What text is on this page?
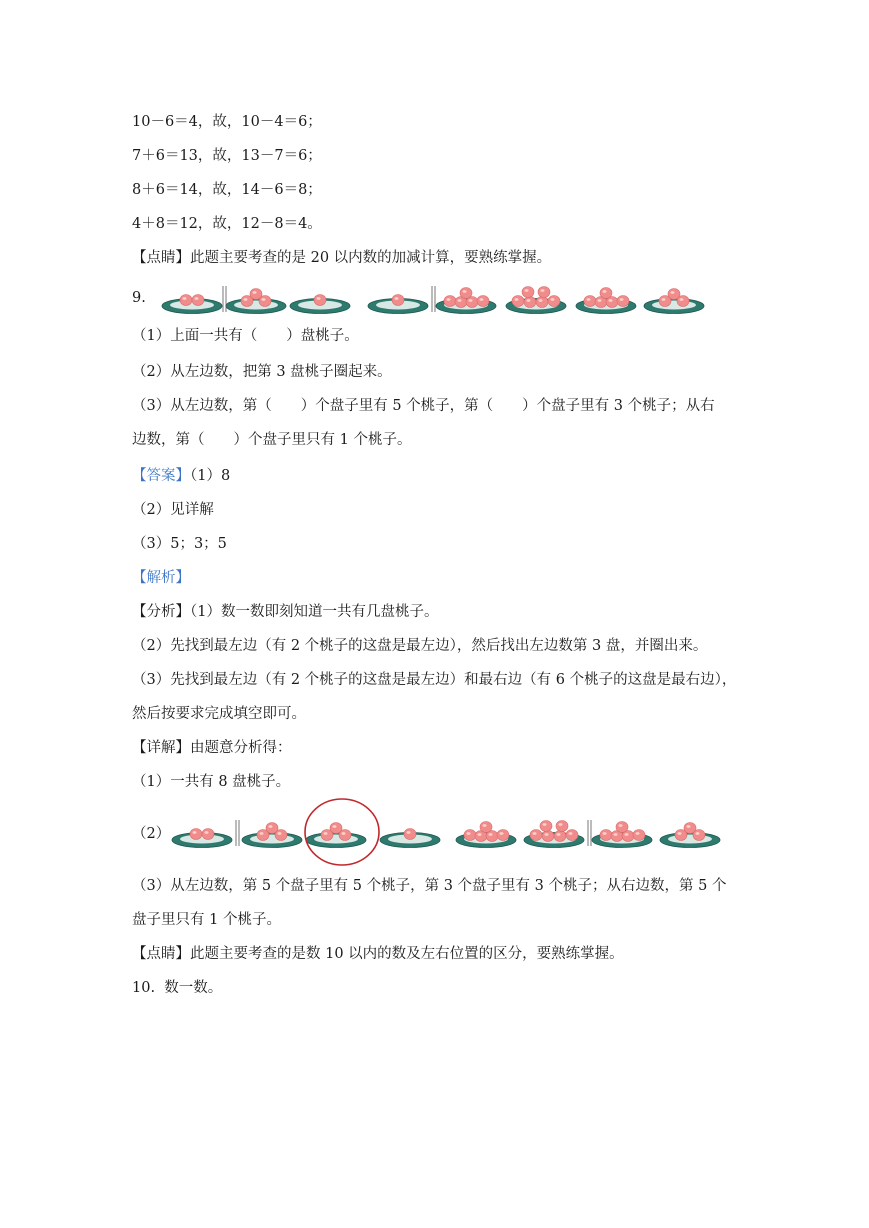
10－6＝4，故，10－4＝6；
7＋6＝13，故，13－7＝6；
8＋6＝14，故，14－6＝8；
4＋8＝12，故，12－8＝4。
【点睛】此题主要考查的是 20 以内数的加减计算，要熟练掌握。
9.
（1）上面一共有（　　）盘桃子。
（2）从左边数，把第 3 盘桃子圈起来。
（3）从左边数，第（　　）个盘子里有 5 个桃子，第（　　）个盘子里有 3 个桃子；从右
边数，第（　　）个盘子里只有 1 个桃子。
【答案】（1）8
（2）见详解
（3）5；3；5
【解析】
【分析】（1）数一数即刻知道一共有几盘桃子。
（2）先找到最左边（有 2 个桃子的这盘是最左边），然后找出左边数第 3 盘，并圈出来。
（3）先找到最左边（有 2 个桃子的这盘是最左边）和最右边（有 6 个桃子的这盘是最右边），
然后按要求完成填空即可。
【详解】由题意分析得：
（1）一共有 8 盘桃子。
（2）
（3）从左边数，第 5 个盘子里有 5 个桃子，第 3 个盘子里有 3 个桃子；从右边数，第 5 个
盘子里只有 1 个桃子。
【点睛】此题主要考查的是数 10 以内的数及左右位置的区分，要熟练掌握。
10.  数一数。
